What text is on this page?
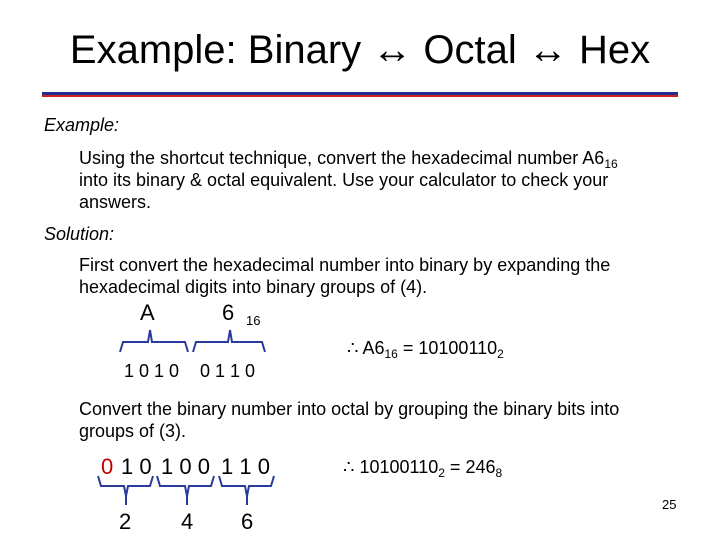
Example: Binary ↔ Octal ↔ Hex
Example:
Using the shortcut technique, convert the hexadecimal number $A6_{16}$
into its binary & octal equivalent. Use your calculator to check your
answers.
Solution:
First convert the hexadecimal number into binary by expanding the
hexadecimal digits into binary groups of (4).
A	6 16
1 0 1 0 0 1 1 0
∴ $A6_{16} = 10100110_2$
Convert the binary number into octal by grouping the binary bits into
groups of (3).
0 1 0 1 0 0 1 1 0
2 4 6
∴ $10100110_2 = 246_8$
25
